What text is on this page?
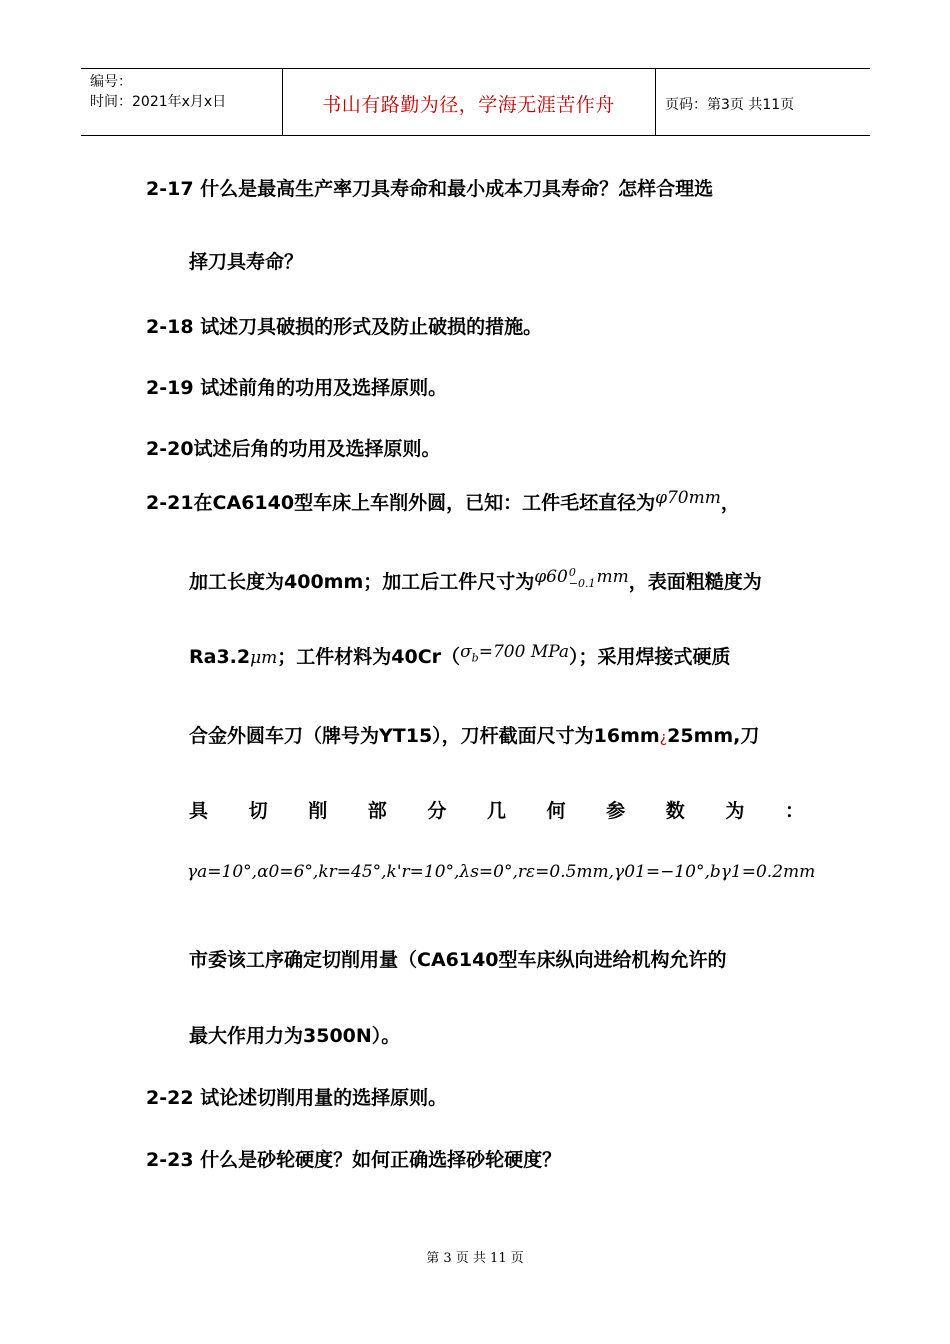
编号：
时间：2021年x月x日	书山有路勤为径，学海无涯苦作舟	页码：第3页 共11页
2-17 什么是最高生产率刀具寿命和最小成本刀具寿命？怎样合理选
择刀具寿命？
2-18 试述刀具破损的形式及防止破损的措施。
2-19 试述前角的功用及选择原则。
2-20试述后角的功用及选择原则。
2-21在CA6140型车床上车削外圆，已知：工件毛坯直径为φ70mm，
加工长度为400mm；加工后工件尺寸为φ60 0
−0.1 mm，表面粗糙度为
Ra3.2μm；工件材料为$40Cr(\sigma_b=700$ MPa）；采用焊接式硬质
合金外圆车刀（牌号为YT15），刀杆截面尺寸为16mm¿25mm,刀
具 切 削 部 分 几 何 参 数 为 ：
γa=10°,α0=6°,kr=45°,k'r=10°,λs=0°,rε=0.5mm,γ01=−10°,bγ1=0.2mm
市委该工序确定切削用量（CA6140型车床纵向进给机构允许的
最大作用力为3500N）。
2-22 试论述切削用量的选择原则。
2-23 什么是砂轮硬度？如何正确选择砂轮硬度？
第 3 页 共 11 页
